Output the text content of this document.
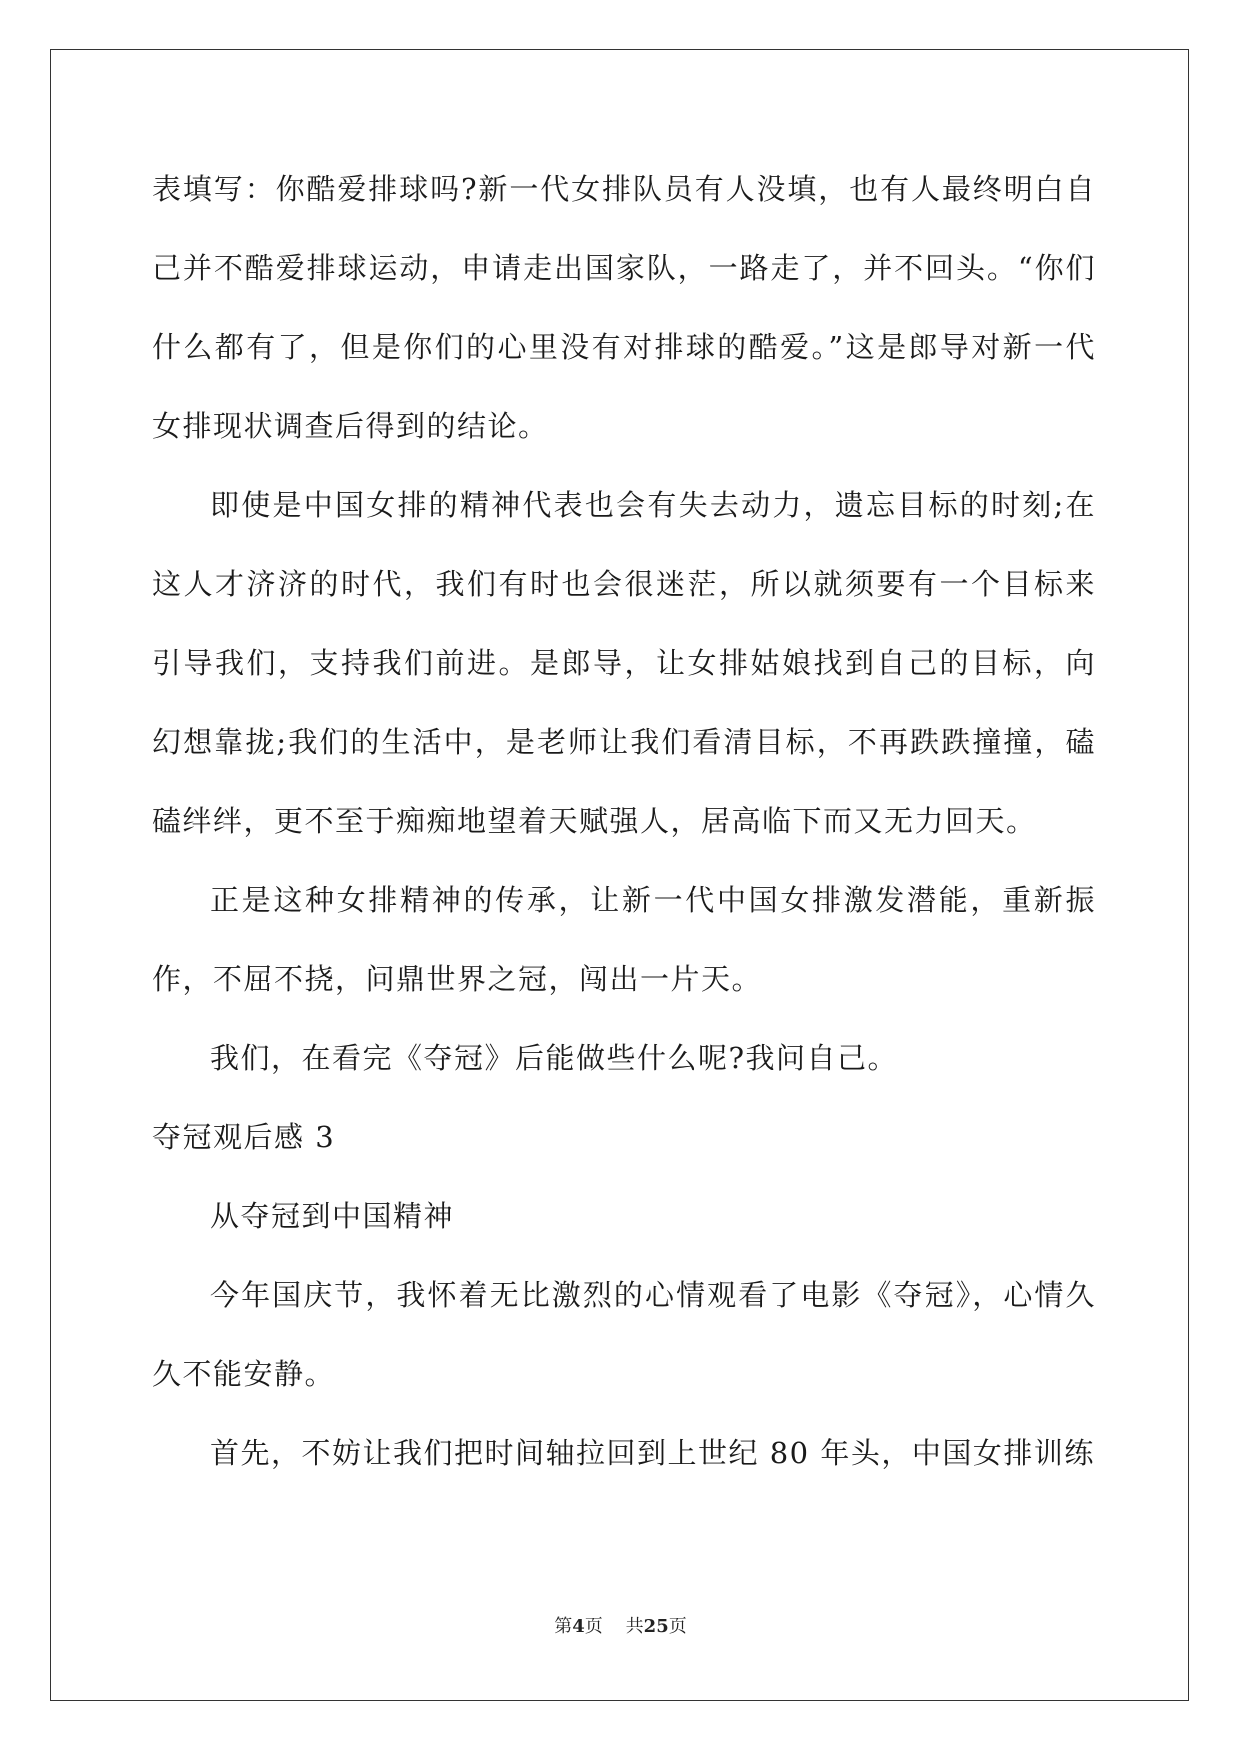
表填写：你酷爱排球吗?新一代女排队员有人没填，也有人最终明白自己并不酷爱排球运动，申请走出国家队，一路走了，并不回头。“你们什么都有了，但是你们的心里没有对排球的酷爱。”这是郎导对新一代女排现状调查后得到的结论。

即使是中国女排的精神代表也会有失去动力，遗忘目标的时刻;在这人才济济的时代，我们有时也会很迷茫，所以就须要有一个目标来引导我们，支持我们前进。是郎导，让女排姑娘找到自己的目标，向幻想靠拢;我们的生活中，是老师让我们看清目标，不再跌跌撞撞，磕磕绊绊，更不至于痴痴地望着天赋强人，居高临下而又无力回天。

正是这种女排精神的传承，让新一代中国女排激发潜能，重新振作，不屈不挠，问鼎世界之冠，闯出一片天。

我们，在看完《夺冠》后能做些什么呢?我问自己。

夺冠观后感 3

从夺冠到中国精神

今年国庆节，我怀着无比激烈的心情观看了电影《夺冠》，心情久久不能安静。

首先，不妨让我们把时间轴拉回到上世纪 80 年头，中国女排训练

第4页 共25页
